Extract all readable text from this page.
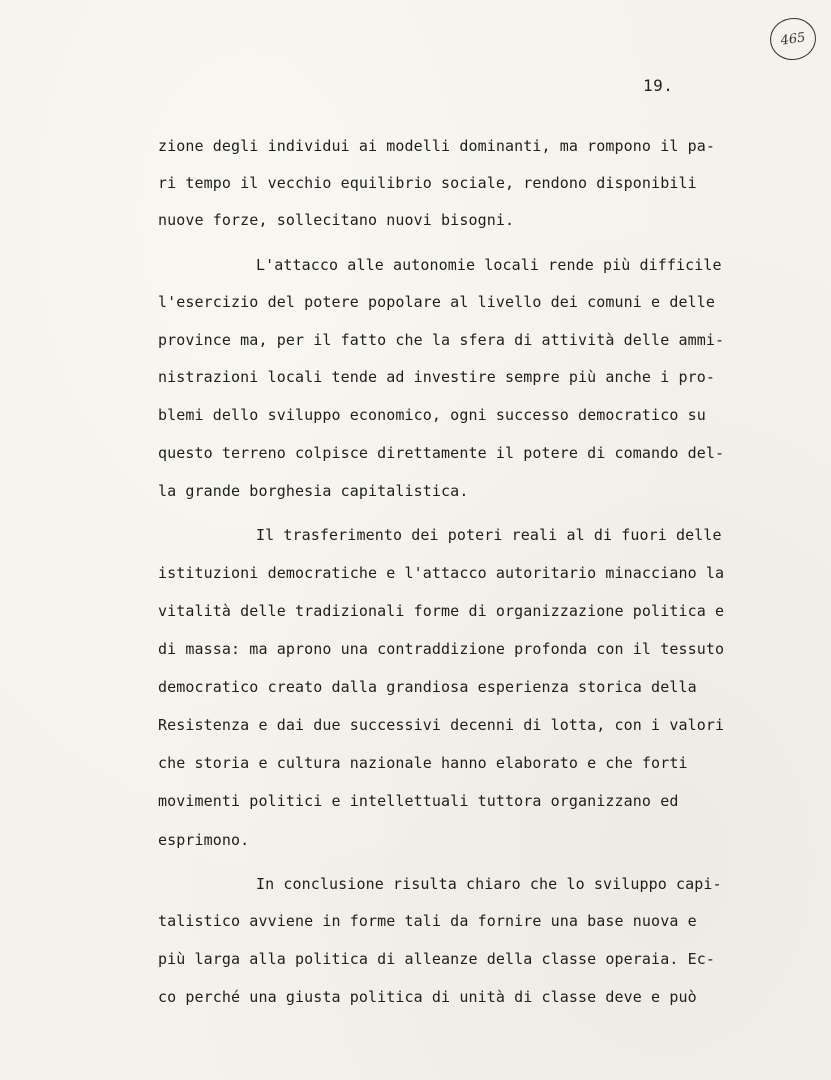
465
19.
zione degli individui ai modelli dominanti, ma rompono il pa-
ri tempo il vecchio equilibrio sociale, rendono disponibili
nuove forze, sollecitano nuovi bisogni.
L'attacco alle autonomie locali rende più difficile
l'esercizio del potere popolare al livello dei comuni e delle
province ma, per il fatto che la sfera di attività delle ammi-
nistrazioni locali tende ad investire sempre più anche i pro-
blemi dello sviluppo economico, ogni successo democratico su
questo terreno colpisce direttamente il potere di comando del-
la grande borghesia capitalistica.
Il trasferimento dei poteri reali al di fuori delle
istituzioni democratiche e l'attacco autoritario minacciano la
vitalità delle tradizionali forme di organizzazione politica e
di massa: ma aprono una contraddizione profonda con il tessuto
democratico creato dalla grandiosa esperienza storica della
Resistenza e dai due successivi decenni di lotta, con i valori
che storia e cultura nazionale hanno elaborato e che forti
movimenti politici e intellettuali tuttora organizzano ed
esprimono.
In conclusione risulta chiaro che lo sviluppo capi-
talistico avviene in forme tali da fornire una base nuova e
più larga alla politica di alleanze della classe operaia. Ec-
co perché una giusta politica di unità di classe deve e può
